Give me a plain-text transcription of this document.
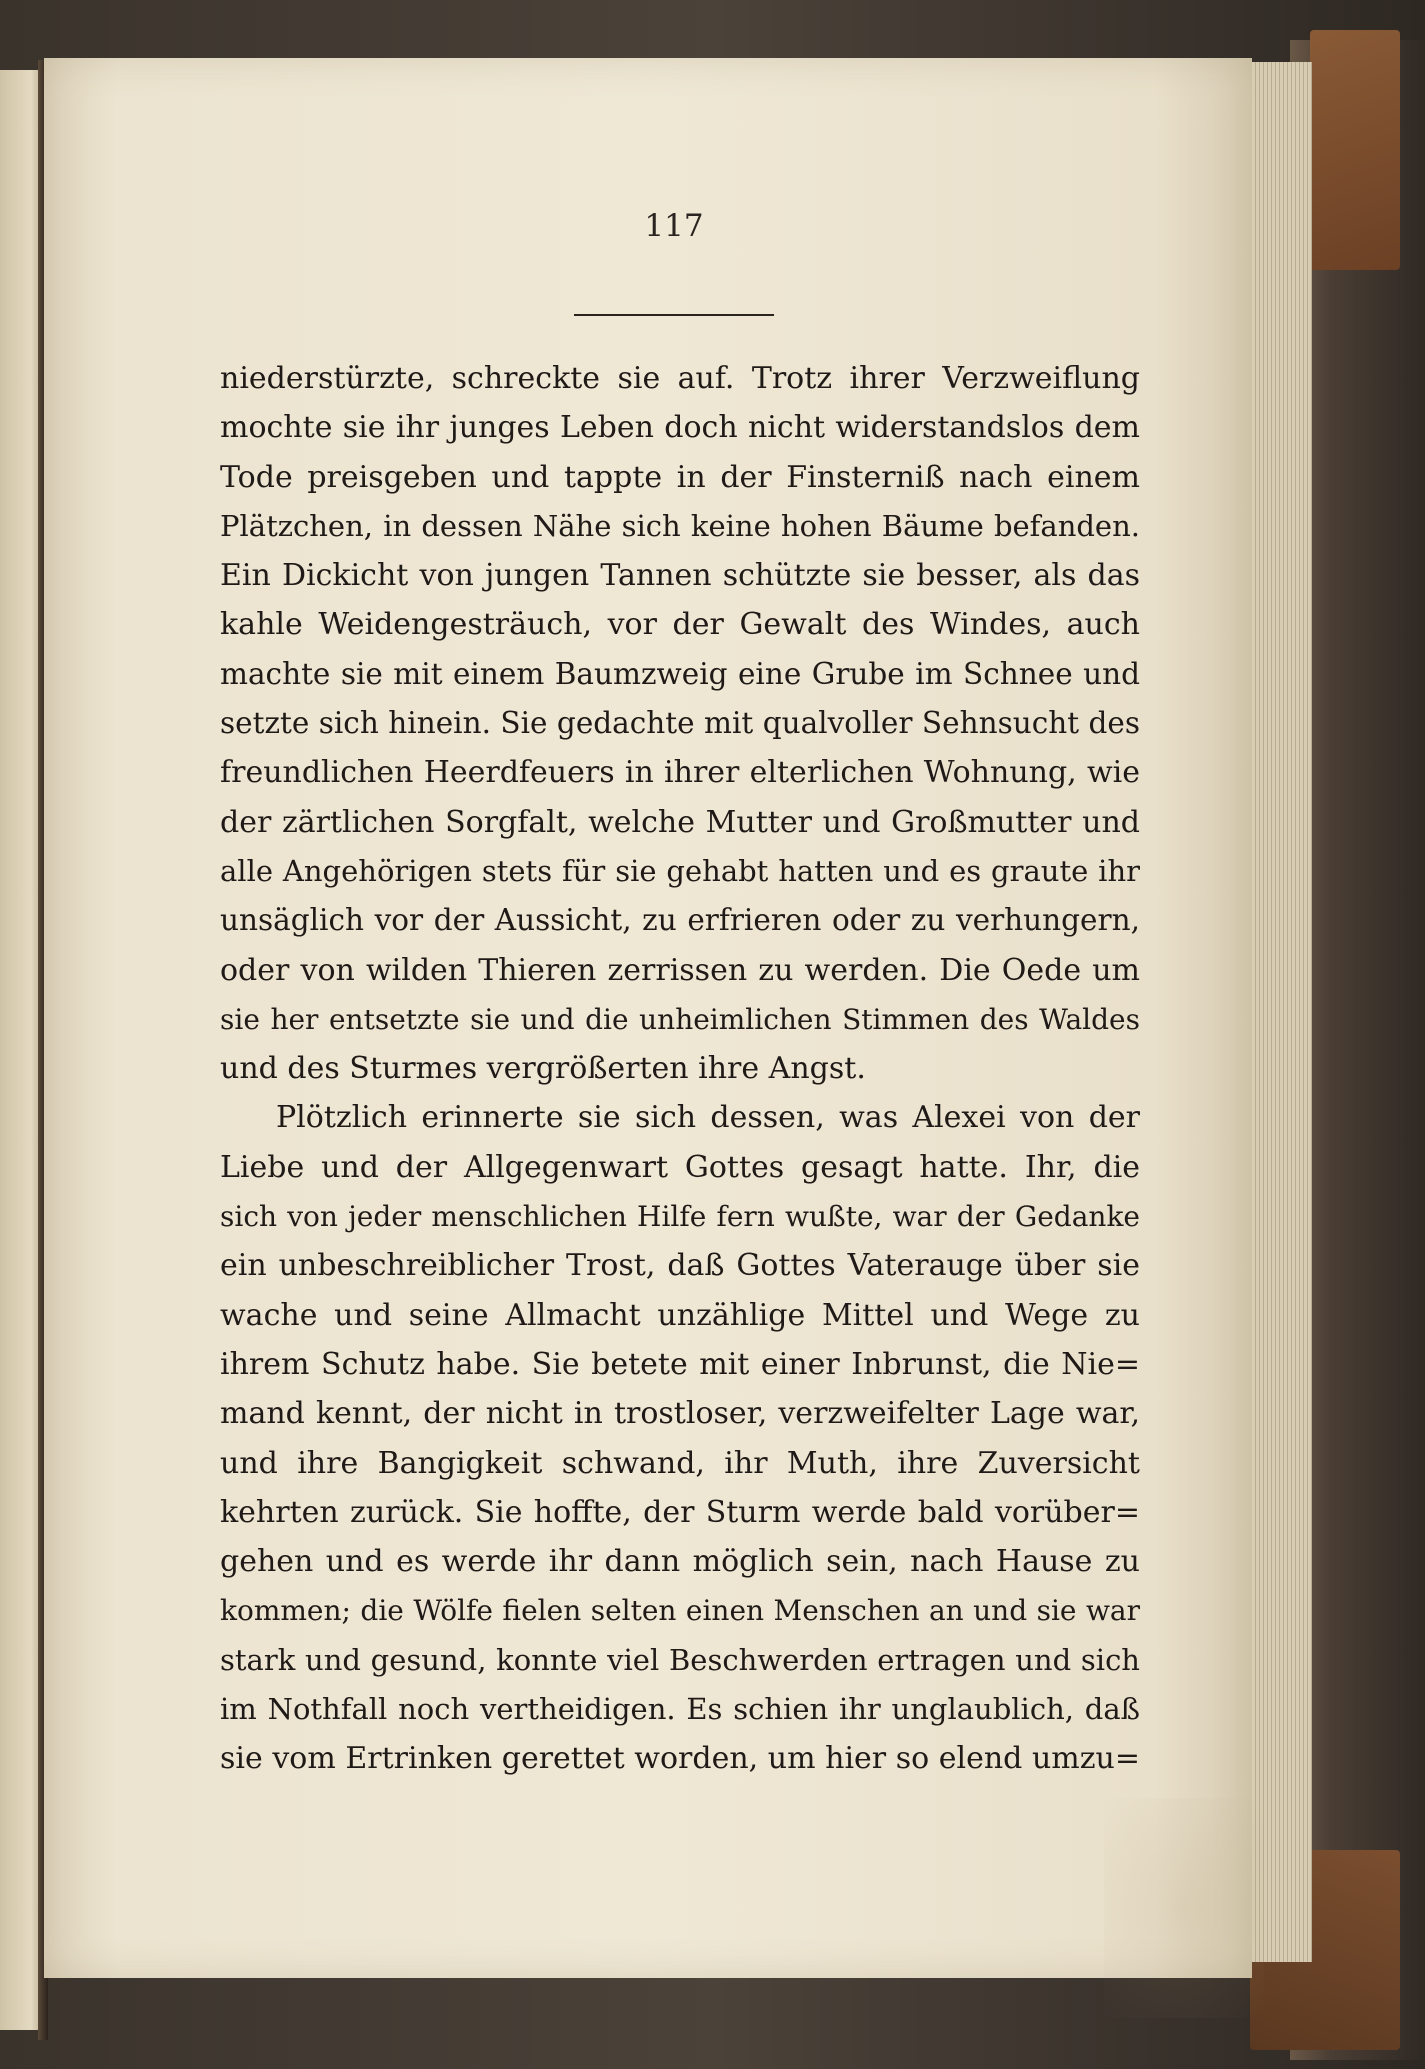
117
niederstürzte, schreckte sie auf. Trotz ihrer Verzweiflung
mochte sie ihr junges Leben doch nicht widerstandslos dem
Tode preisgeben und tappte in der Finsterniß nach einem
Plätzchen, in dessen Nähe sich keine hohen Bäume befanden.
Ein Dickicht von jungen Tannen schützte sie besser, als das
kahle Weidengesträuch, vor der Gewalt des Windes, auch
machte sie mit einem Baumzweig eine Grube im Schnee und
setzte sich hinein. Sie gedachte mit qualvoller Sehnsucht des
freundlichen Heerdfeuers in ihrer elterlichen Wohnung, wie
der zärtlichen Sorgfalt, welche Mutter und Großmutter und
alle Angehörigen stets für sie gehabt hatten und es graute ihr
unsäglich vor der Aussicht, zu erfrieren oder zu verhungern,
oder von wilden Thieren zerrissen zu werden. Die Oede um
sie her entsetzte sie und die unheimlichen Stimmen des Waldes
und des Sturmes vergrößerten ihre Angst.
Plötzlich erinnerte sie sich dessen, was Alexei von der
Liebe und der Allgegenwart Gottes gesagt hatte. Ihr, die
sich von jeder menschlichen Hilfe fern wußte, war der Gedanke
ein unbeschreiblicher Trost, daß Gottes Vaterauge über sie
wache und seine Allmacht unzählige Mittel und Wege zu
ihrem Schutz habe. Sie betete mit einer Inbrunst, die Nie=
mand kennt, der nicht in trostloser, verzweifelter Lage war,
und ihre Bangigkeit schwand, ihr Muth, ihre Zuversicht
kehrten zurück. Sie hoffte, der Sturm werde bald vorüber=
gehen und es werde ihr dann möglich sein, nach Hause zu
kommen; die Wölfe fielen selten einen Menschen an und sie war
stark und gesund, konnte viel Beschwerden ertragen und sich
im Nothfall noch vertheidigen. Es schien ihr unglaublich, daß
sie vom Ertrinken gerettet worden, um hier so elend umzu=
